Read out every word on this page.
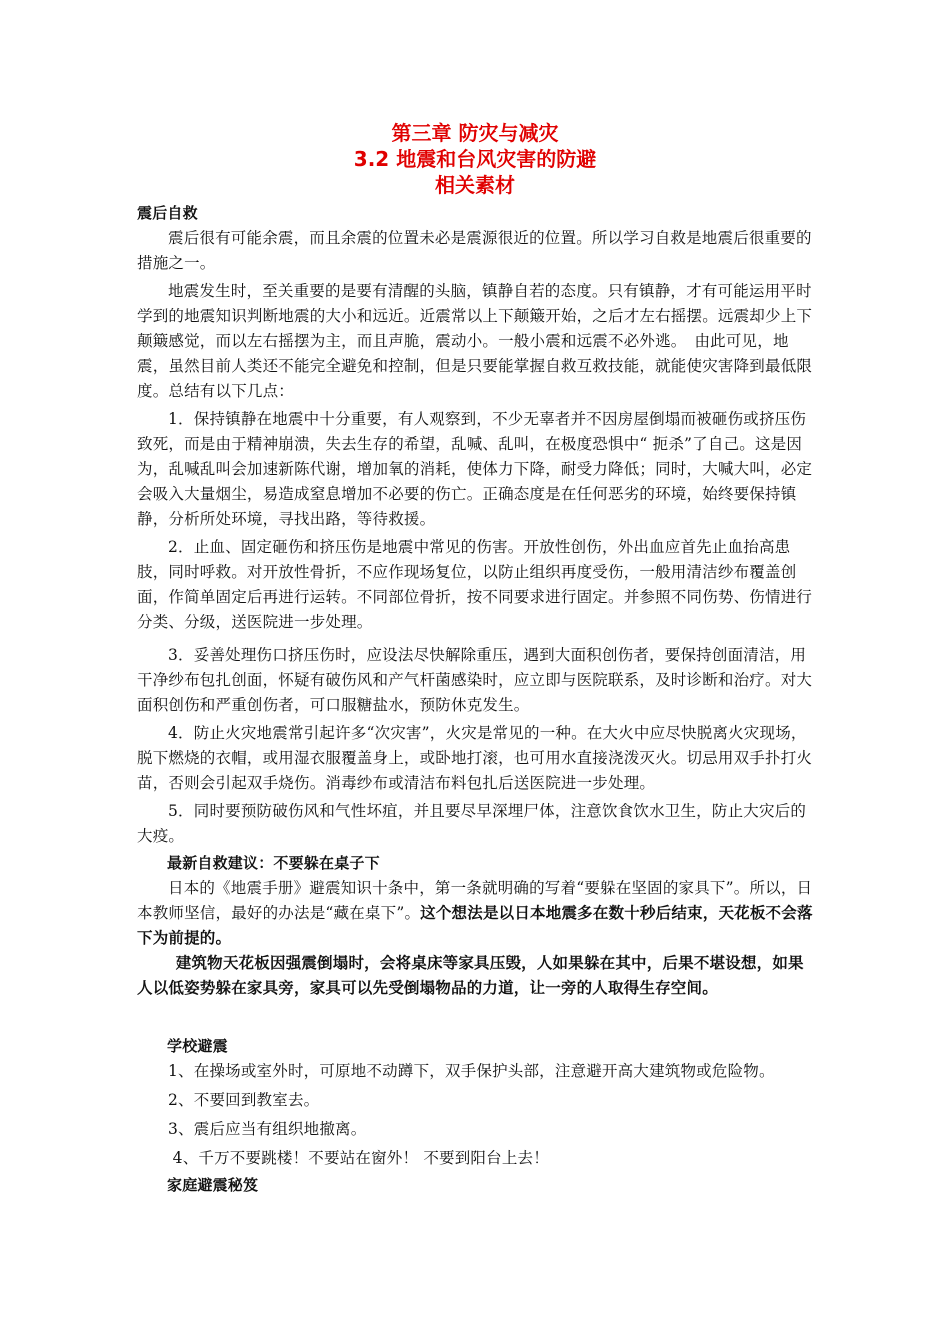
第三章 防灾与减灾
3.2 地震和台风灾害的防避
相关素材
震后自救

震后很有可能余震，而且余震的位置未必是震源很近的位置。所以学习自救是地震后很重要的措施之一。

地震发生时，至关重要的是要有清醒的头脑，镇静自若的态度。只有镇静，才有可能运用平时学到的地震知识判断地震的大小和远近。近震常以上下颠簸开始，之后才左右摇摆。远震却少上下颠簸感觉，而以左右摇摆为主，而且声脆，震动小。一般小震和远震不必外逃。　由此可见，地震，虽然目前人类还不能完全避免和控制，但是只要能掌握自救互救技能，就能使灾害降到最低限度。总结有以下几点：

1．保持镇静在地震中十分重要，有人观察到，不少无辜者并不因房屋倒塌而被砸伤或挤压伤致死，而是由于精神崩溃，失去生存的希望，乱喊、乱叫，在极度恐惧中“ 扼杀”了自己。这是因为，乱喊乱叫会加速新陈代谢，增加氧的消耗，使体力下降，耐受力降低；同时，大喊大叫，必定会吸入大量烟尘，易造成窒息增加不必要的伤亡。正确态度是在任何恶劣的环境，始终要保持镇静，分析所处环境，寻找出路，等待救援。

2．止血、固定砸伤和挤压伤是地震中常见的伤害。开放性创伤，外出血应首先止血抬高患肢，同时呼救。对开放性骨折，不应作现场复位，以防止组织再度受伤，一般用清洁纱布覆盖创面，作简单固定后再进行运转。不同部位骨折，按不同要求进行固定。并参照不同伤势、伤情进行分类、分级，送医院进一步处理。

3．妥善处理伤口挤压伤时，应设法尽快解除重压，遇到大面积创伤者，要保持创面清洁，用干净纱布包扎创面，怀疑有破伤风和产气杆菌感染时，应立即与医院联系，及时诊断和治疗。对大面积创伤和严重创伤者，可口服糖盐水，预防休克发生。

4．防止火灾地震常引起许多“次灾害”，火灾是常见的一种。在大火中应尽快脱离火灾现场，脱下燃烧的衣帽，或用湿衣服覆盖身上，或卧地打滚，也可用水直接浇泼灭火。切忌用双手扑打火苗，否则会引起双手烧伤。消毒纱布或清洁布料包扎后送医院进一步处理。

5．同时要预防破伤风和气性坏疽，并且要尽早深埋尸体，注意饮食饮水卫生，防止大灾后的大疫。

最新自救建议：不要躲在桌子下

日本的《地震手册》避震知识十条中，第一条就明确的写着“要躲在坚固的家具下”。所以，日本教师坚信，最好的办法是“藏在桌下”。这个想法是以日本地震多在数十秒后结束，天花板不会落下为前提的。

建筑物天花板因强震倒塌时，会将桌床等家具压毁，人如果躲在其中，后果不堪设想，如果人以低姿势躲在家具旁，家具可以先受倒塌物品的力道，让一旁的人取得生存空间。

学校避震

1、在操场或室外时，可原地不动蹲下，双手保护头部，注意避开高大建筑物或危险物。

2、不要回到教室去。

3、震后应当有组织地撤离。

4、千万不要跳楼！不要站在窗外！ 不要到阳台上去！

家庭避震秘笈
